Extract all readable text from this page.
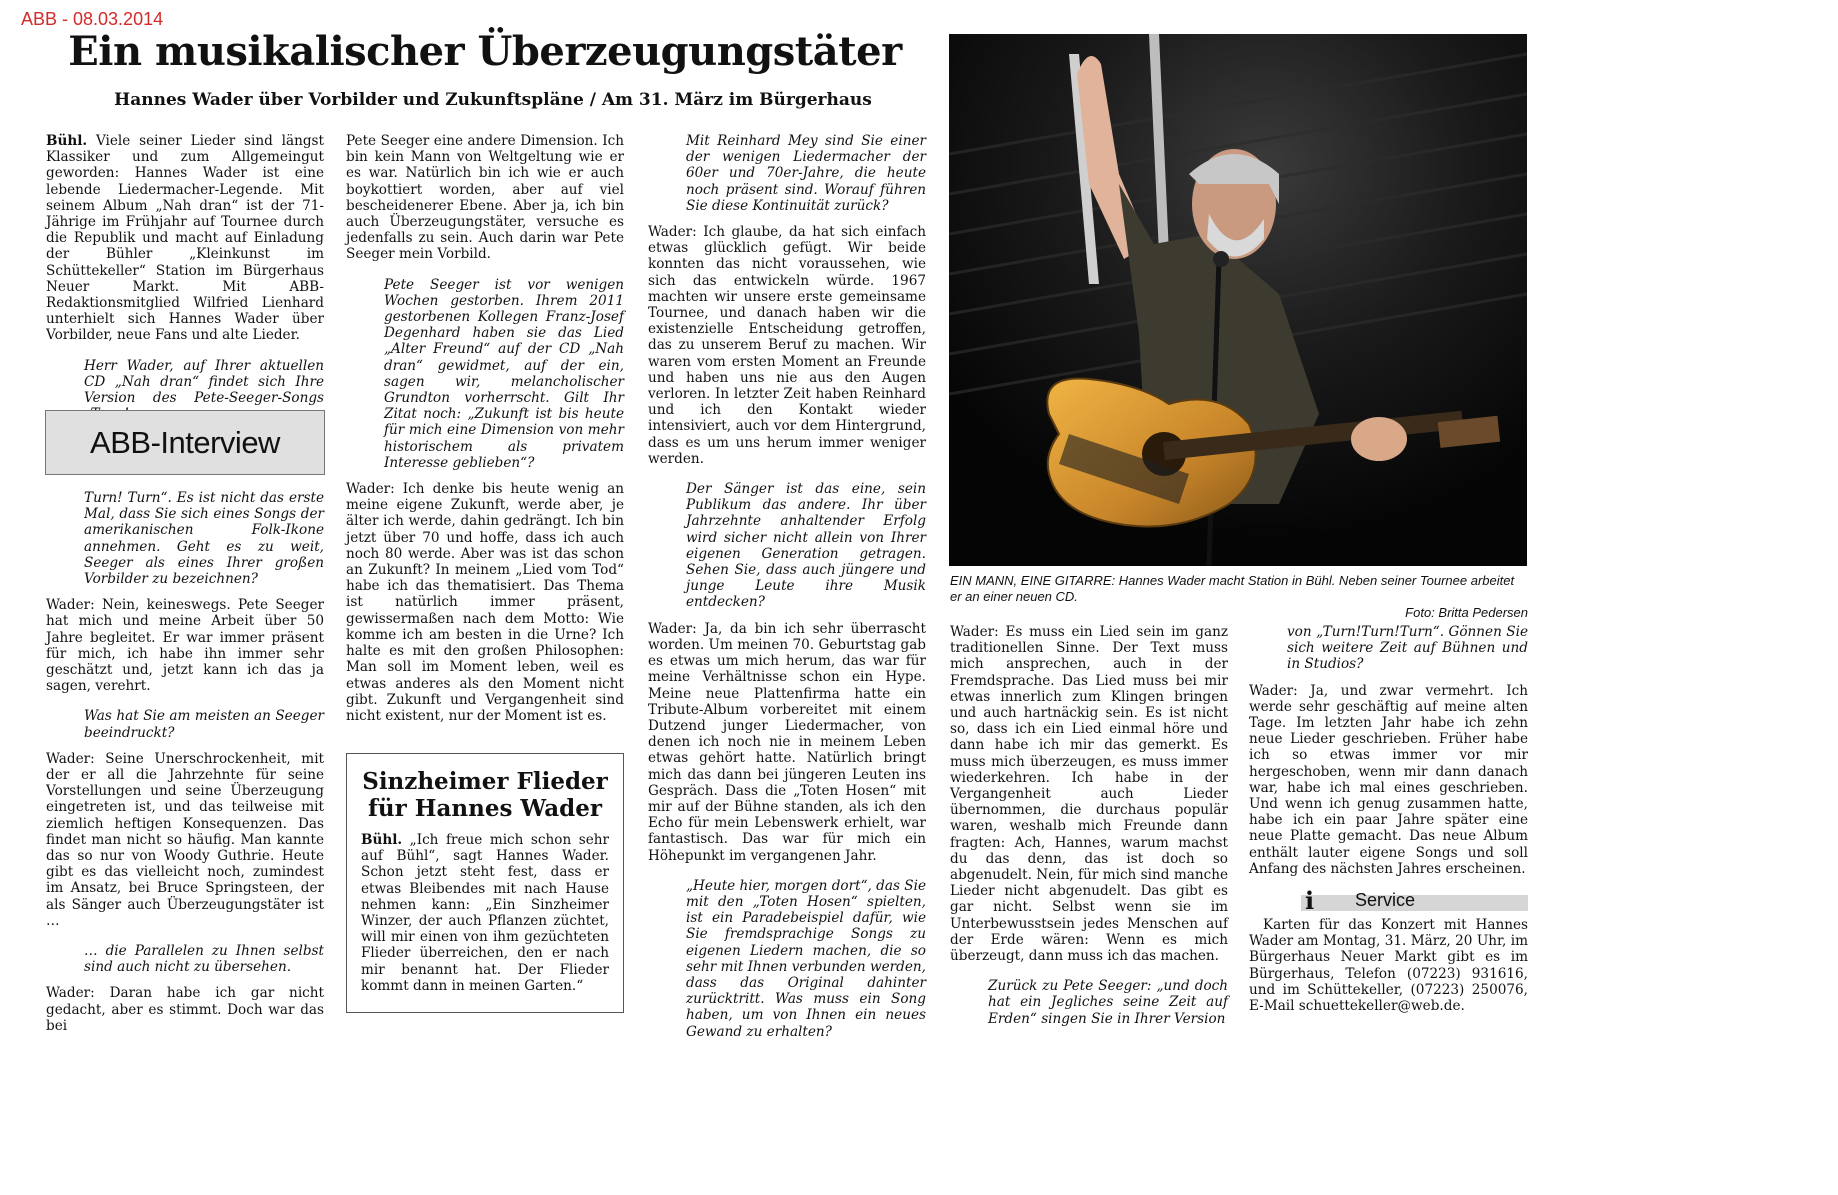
ABB - 08.03.2014
Ein musikalischer Überzeugungstäter
Hannes Wader über Vorbilder und Zukunftspläne / Am 31. März im Bürgerhaus

Bühl. Viele seiner Lieder sind längst Klassiker und zum Allgemeingut geworden: Hannes Wader ist eine lebende Liedermacher-Legende. Mit seinem Album „Nah dran“ ist der 71-Jährige im Frühjahr auf Tournee durch die Republik und macht auf Einladung der Bühler „Kleinkunst im Schüttekeller“ Station im Bürgerhaus Neuer Markt. Mit ABB-Redaktionsmitglied Wilfried Lienhard unterhielt sich Hannes Wader über Vorbilder, neue Fans und alte Lieder.

Herr Wader, auf Ihrer aktuellen CD „Nah dran“ findet sich Ihre Version des Pete-Seeger-Songs

ABB-Interview

Turn! Turn“. Es ist nicht das erste Mal, dass Sie sich eines Songs der amerikanischen Folk-Ikone annehmen. Geht es zu weit, Seeger als eines Ihrer großen Vorbilder zu bezeichnen?

Wader: Nein, keineswegs. Pete Seeger hat mich und meine Arbeit über 50 Jahre begleitet. Er war immer präsent für mich, ich habe ihn immer sehr geschätzt und, jetzt kann ich das ja sagen, verehrt.

Was hat Sie am meisten an Seeger beeindruckt?

Wader: Seine Unerschrockenheit, mit der er all die Jahrzehnte für seine Vorstellungen und seine Überzeugung eingetreten ist, und das teilweise mit ziemlich heftigen Konsequenzen. Das findet man nicht so häufig. Man kannte das so nur von Woody Guthrie. Heute gibt es das vielleicht noch, zumindest im Ansatz, bei Bruce Springsteen, der als Sänger auch Überzeugungstäter ist …

… die Parallelen zu Ihnen selbst sind auch nicht zu übersehen.

Wader: Daran habe ich gar nicht gedacht, aber es stimmt. Doch war das bei

Pete Seeger eine andere Dimension. Ich bin kein Mann von Weltgeltung wie er es war. Natürlich bin ich wie er auch boykottiert worden, aber auf viel bescheidenerer Ebene. Aber ja, ich bin auch Überzeugungstäter, versuche es jedenfalls zu sein. Auch darin war Pete Seeger mein Vorbild.

Pete Seeger ist vor wenigen Wochen gestorben. Ihrem 2011 gestorbenen Kollegen Franz-Josef Degenhard haben sie das Lied „Alter Freund“ auf der CD „Nah dran“ gewidmet, auf der ein, sagen wir, melancholischer Grundton vorherrscht. Gilt Ihr Zitat noch: „Zukunft ist bis heute für mich eine Dimension von mehr historischem als privatem Interesse geblieben“?

Wader: Ich denke bis heute wenig an meine eigene Zukunft, werde aber, je älter ich werde, dahin gedrängt. Ich bin jetzt über 70 und hoffe, dass ich auch noch 80 werde. Aber was ist das schon an Zukunft? In meinem „Lied vom Tod“ habe ich das thematisiert. Das Thema ist natürlich immer präsent, gewissermaßen nach dem Motto: Wie komme ich am besten in die Urne? Ich halte es mit den großen Philosophen: Man soll im Moment leben, weil es etwas anderes als den Moment nicht gibt. Zukunft und Vergangenheit sind nicht existent, nur der Moment ist es.

Sinzheimer Flieder für Hannes Wader

Bühl. „Ich freue mich schon sehr auf Bühl“, sagt Hannes Wader. Schon jetzt steht fest, dass er etwas Bleibendes mit nach Hause nehmen kann: „Ein Sinzheimer Winzer, der auch Pflanzen züchtet, will mir einen von ihm gezüchteten Flieder überreichen, den er nach mir benannt hat. Der Flieder kommt dann in meinen Garten.“

Mit Reinhard Mey sind Sie einer der wenigen Liedermacher der 60er und 70er-Jahre, die heute noch präsent sind. Worauf führen Sie diese Kontinuität zurück?

Wader: Ich glaube, da hat sich einfach etwas glücklich gefügt. Wir beide konnten das nicht voraussehen, wie sich das entwickeln würde. 1967 machten wir unsere erste gemeinsame Tournee, und danach haben wir die existenzielle Entscheidung getroffen, das zu unserem Beruf zu machen. Wir waren vom ersten Moment an Freunde und haben uns nie aus den Augen verloren. In letzter Zeit haben Reinhard und ich den Kontakt wieder intensiviert, auch vor dem Hintergrund, dass es um uns herum immer weniger werden.

Der Sänger ist das eine, sein Publikum das andere. Ihr über Jahrzehnte anhaltender Erfolg wird sicher nicht allein von Ihrer eigenen Generation getragen. Sehen Sie, dass auch jüngere und junge Leute ihre Musik entdecken?

Wader: Ja, da bin ich sehr überrascht worden. Um meinen 70. Geburtstag gab es etwas um mich herum, das war für meine Verhältnisse schon ein Hype. Meine neue Plattenfirma hatte ein Tribute-Album vorbereitet mit einem Dutzend junger Liedermacher, von denen ich noch nie in meinem Leben etwas gehört hatte. Natürlich bringt mich das dann bei jüngeren Leuten ins Gespräch. Dass die „Toten Hosen“ mit mir auf der Bühne standen, als ich den Echo für mein Lebenswerk erhielt, war fantastisch. Das war für mich ein Höhepunkt im vergangenen Jahr.

„Heute hier, morgen dort“, das Sie mit den „Toten Hosen“ spielten, ist ein Paradebeispiel dafür, wie Sie fremdsprachige Songs zu eigenen Liedern machen, die so sehr mit Ihnen verbunden werden, dass das Original dahinter zurücktritt. Was muss ein Song haben, um von Ihnen ein neues Gewand zu erhalten?

EIN MANN, EINE GITARRE: Hannes Wader macht Station in Bühl. Neben seiner Tournee arbeitet er an einer neuen CD.
Foto: Britta Pedersen

Wader: Es muss ein Lied sein im ganz traditionellen Sinne. Der Text muss mich ansprechen, auch in der Fremdsprache. Das Lied muss bei mir etwas innerlich zum Klingen bringen und auch hartnäckig sein. Es ist nicht so, dass ich ein Lied einmal höre und dann habe ich mir das gemerkt. Es muss mich überzeugen, es muss immer wiederkehren. Ich habe in der Vergangenheit auch Lieder übernommen, die durchaus populär waren, weshalb mich Freunde dann fragten: Ach, Hannes, warum machst du das denn, das ist doch so abgenudelt. Nein, für mich sind manche Lieder nicht abgenudelt. Das gibt es gar nicht. Selbst wenn sie im Unterbewusstsein jedes Menschen auf der Erde wären: Wenn es mich überzeugt, dann muss ich das machen.

Zurück zu Pete Seeger: „und doch hat ein Jegliches seine Zeit auf Erden“ singen Sie in Ihrer Version

von „Turn!Turn!Turn“. Gönnen Sie sich weitere Zeit auf Bühnen und in Studios?

Wader: Ja, und zwar vermehrt. Ich werde sehr geschäftig auf meine alten Tage. Im letzten Jahr habe ich zehn neue Lieder geschrieben. Früher habe ich so etwas immer vor mir hergeschoben, wenn mir dann danach war, habe ich mal eines geschrieben. Und wenn ich genug zusammen hatte, habe ich ein paar Jahre später eine neue Platte gemacht. Das neue Album enthält lauter eigene Songs und soll Anfang des nächsten Jahres erscheinen.

i Service

Karten für das Konzert mit Hannes Wader am Montag, 31. März, 20 Uhr, im Bürgerhaus Neuer Markt gibt es im Bürgerhaus, Telefon (07223) 931616, und im Schüttekeller, (07223) 250076, E-Mail schuettekeller@web.de.
